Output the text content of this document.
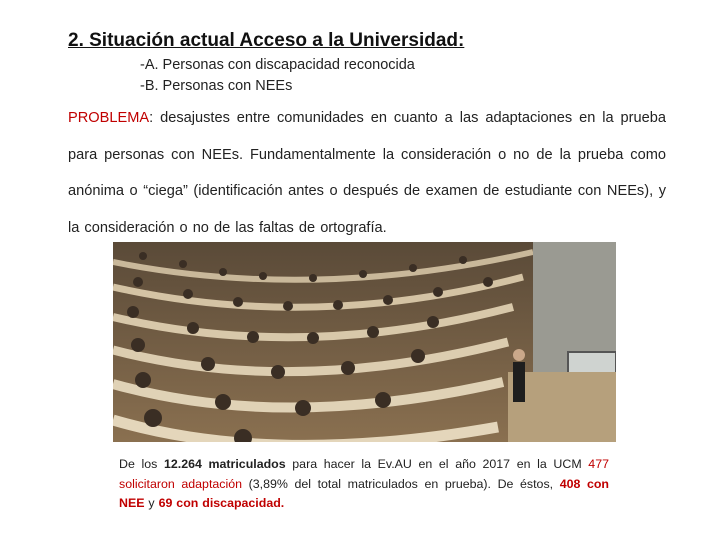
2. Situación actual Acceso a la Universidad:
-A. Personas con discapacidad reconocida
-B. Personas con NEEs
PROBLEMA: desajustes entre comunidades en cuanto a las adaptaciones en la prueba para personas con NEEs. Fundamentalmente la consideración o no de la prueba como anónima o “ciega” (identificación antes o después de examen de estudiante con NEEs), y la consideración o no de las faltas de ortografía.
De los 12.264 matriculados para hacer la Ev.AU en el año 2017 en la UCM 477 solicitaron adaptación (3,89% del total matriculados en prueba). De éstos, 408 con NEE y 69 con discapacidad.
